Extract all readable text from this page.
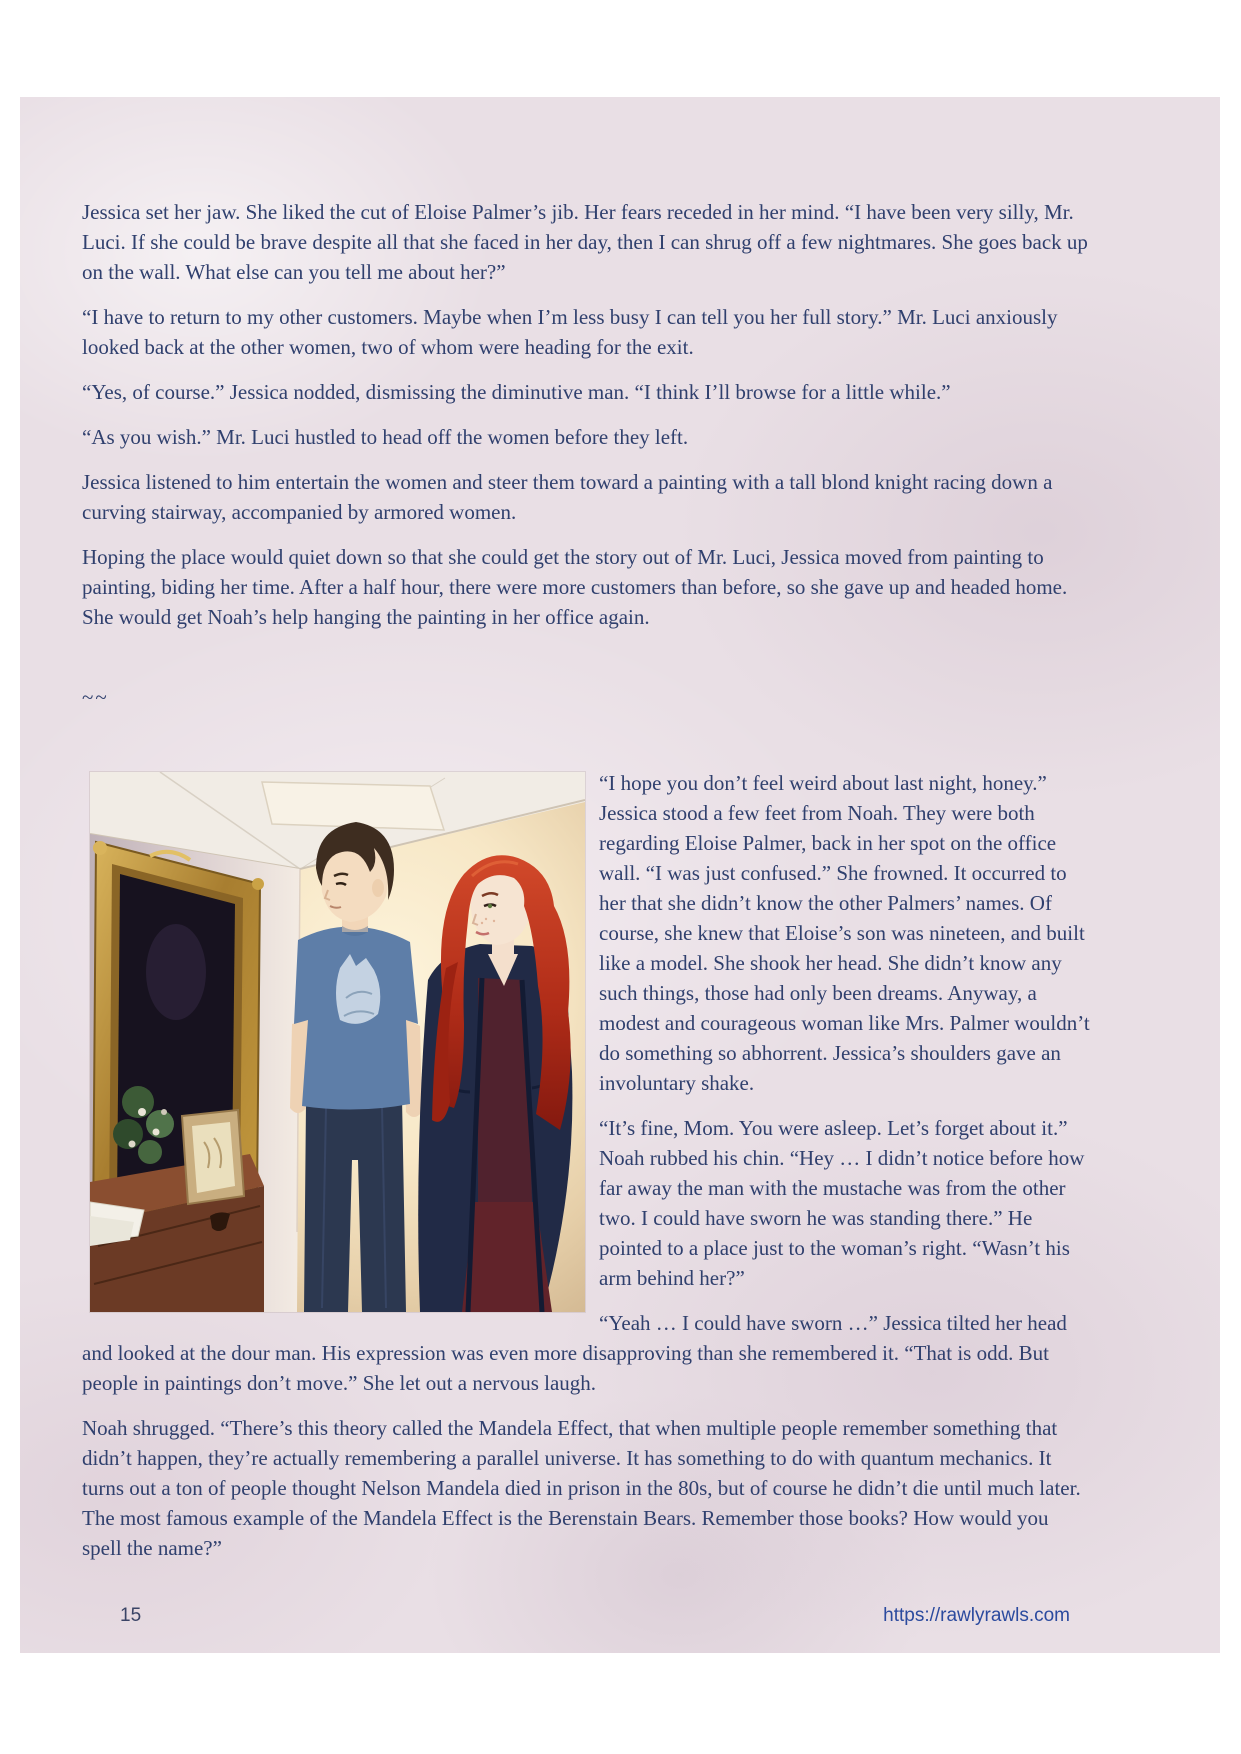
Jessica set her jaw. She liked the cut of Eloise Palmer’s jib. Her fears receded in her mind. “I have been very silly, Mr. Luci. If she could be brave despite all that she faced in her day, then I can shrug off a few nightmares. She goes back up on the wall. What else can you tell me about her?”

“I have to return to my other customers. Maybe when I’m less busy I can tell you her full story.” Mr. Luci anxiously looked back at the other women, two of whom were heading for the exit.

“Yes, of course.” Jessica nodded, dismissing the diminutive man. “I think I’ll browse for a little while.”

“As you wish.” Mr. Luci hustled to head off the women before they left.

Jessica listened to him entertain the women and steer them toward a painting with a tall blond knight racing down a curving stairway, accompanied by armored women.

Hoping the place would quiet down so that she could get the story out of Mr. Luci, Jessica moved from painting to painting, biding her time. After a half hour, there were more customers than before, so she gave up and headed home. She would get Noah’s help hanging the painting in her office again.

~~

“I hope you don’t feel weird about last night, honey.” Jessica stood a few feet from Noah. They were both regarding Eloise Palmer, back in her spot on the office wall. “I was just confused.” She frowned. It occurred to her that she didn’t know the other Palmers’ names. Of course, she knew that Eloise’s son was nineteen, and built like a model. She shook her head. She didn’t know any such things, those had only been dreams. Anyway, a modest and courageous woman like Mrs. Palmer wouldn’t do something so abhorrent. Jessica’s shoulders gave an involuntary shake.

“It’s fine, Mom. You were asleep. Let’s forget about it.” Noah rubbed his chin. “Hey … I didn’t notice before how far away the man with the mustache was from the other two. I could have sworn he was standing there.” He pointed to a place just to the woman’s right. “Wasn’t his arm behind her?”

“Yeah … I could have sworn …” Jessica tilted her head and looked at the dour man. His expression was even more disapproving than she remembered it. “That is odd. But people in paintings don’t move.” She let out a nervous laugh.

Noah shrugged. “There’s this theory called the Mandela Effect, that when multiple people remember something that didn’t happen, they’re actually remembering a parallel universe. It has something to do with quantum mechanics. It turns out a ton of people thought Nelson Mandela died in prison in the 80s, but of course he didn’t die until much later. The most famous example of the Mandela Effect is the Berenstain Bears. Remember those books? How would you spell the name?”

15	https://rawlyrawls.com
